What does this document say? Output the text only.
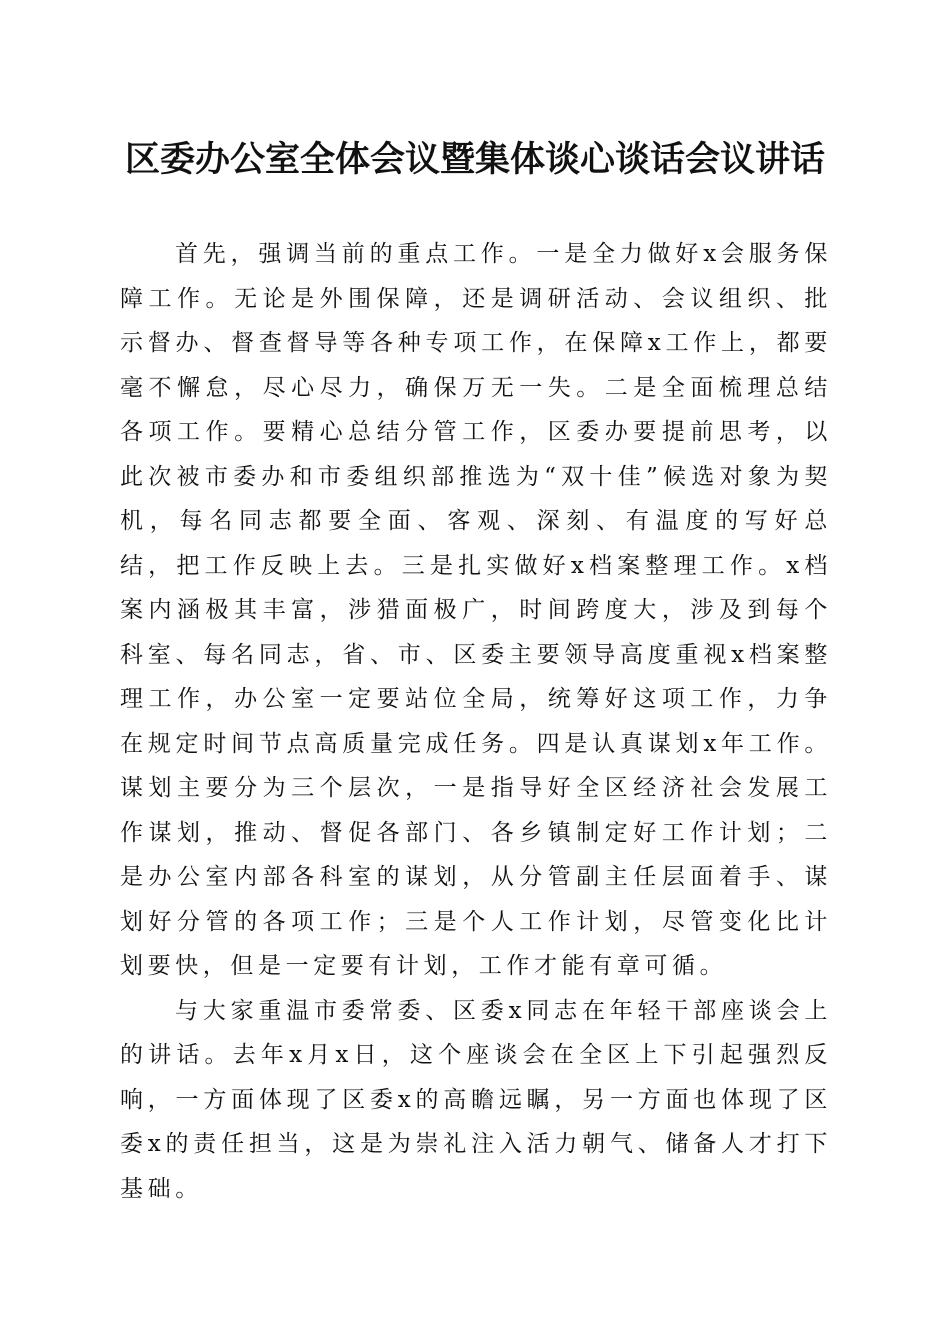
区委办公室全体会议暨集体谈心谈话会议讲话

首先，强调当前的重点工作。一是全力做好x会服务保障工作。无论是外围保障，还是调研活动、会议组织、批示督办、督查督导等各种专项工作，在保障x工作上，都要毫不懈怠，尽心尽力，确保万无一失。二是全面梳理总结各项工作。要精心总结分管工作，区委办要提前思考，以此次被市委办和市委组织部推选为“双十佳”候选对象为契机，每名同志都要全面、客观、深刻、有温度的写好总结，把工作反映上去。三是扎实做好x档案整理工作。x档案内涵极其丰富，涉猎面极广，时间跨度大，涉及到每个科室、每名同志，省、市、区委主要领导高度重视x档案整理工作，办公室一定要站位全局，统筹好这项工作，力争在规定时间节点高质量完成任务。四是认真谋划x年工作。谋划主要分为三个层次，一是指导好全区经济社会发展工作谋划，推动、督促各部门、各乡镇制定好工作计划；二是办公室内部各科室的谋划，从分管副主任层面着手、谋划好分管的各项工作；三是个人工作计划，尽管变化比计划要快，但是一定要有计划，工作才能有章可循。

与大家重温市委常委、区委x同志在年轻干部座谈会上的讲话。去年x月x日，这个座谈会在全区上下引起强烈反响，一方面体现了区委x的高瞻远瞩，另一方面也体现了区委x的责任担当，这是为崇礼注入活力朝气、储备人才打下基础。
